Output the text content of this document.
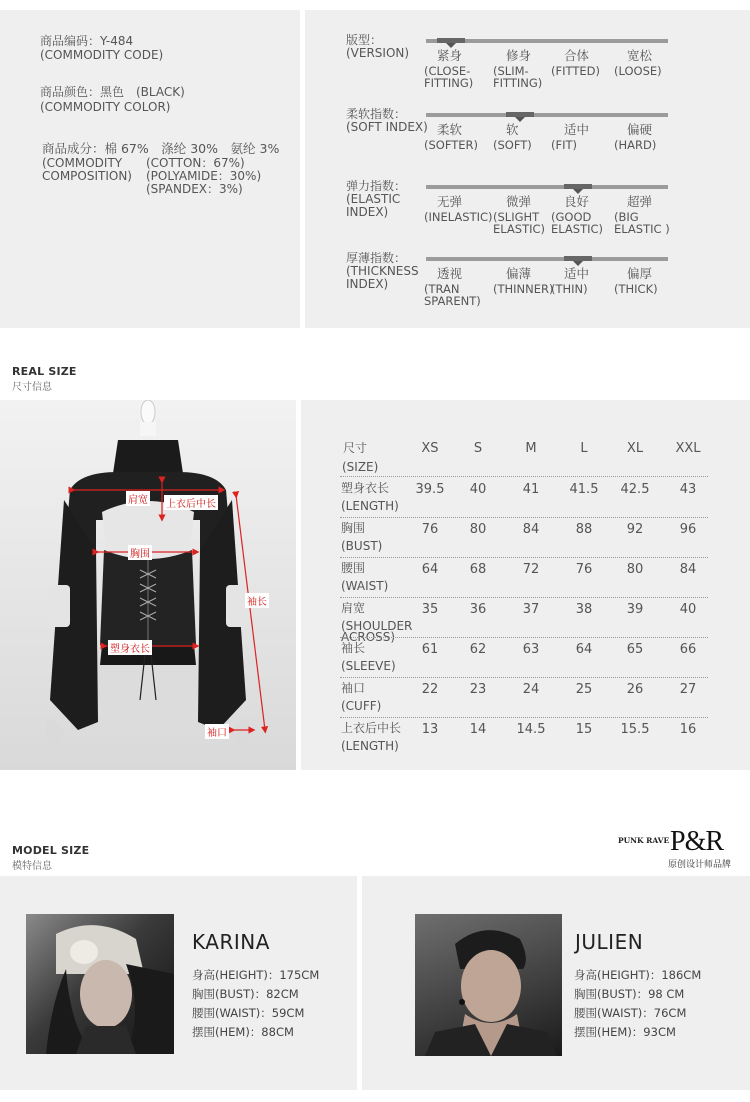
商品编码：Y-484
(COMMODITY CODE)
商品颜色：黑色　(BLACK)
(COMMODITY COLOR)
商品成分：棉 67%　涤纶 30%　氨纶 3%
(COMMODITY
COMPOSITION)
(COTTON：67%)
(POLYAMIDE：30%)
(SPANDEX：3%)
版型：
(VERSION) 紧身
(CLOSE-
FITTING)
修身
(SLIM-
FITTING)
合体
(FITTED)
宽松
(LOOSE)
柔软指数：
(SOFT INDEX) 柔软
(SOFTER)
软
(SOFT)
适中
(FIT)
偏硬
(HARD)
弹力指数：
(ELASTIC
INDEX)
无弹
(INELASTIC)
微弹
(SLIGHT
ELASTIC)
良好
(GOOD
ELASTIC)
超弹
(BIG
ELASTIC )
厚薄指数：
(THICKNESS
INDEX)
透视
(TRAN
SPARENT)
偏薄
(THINNER)
适中
(THIN)
偏厚
(THICK)
REAL SIZE
尺寸信息
肩宽 上衣后中长
胸围
袖长
塑身衣长
袖口
尺寸
(SIZE)
XS	S	M	L	XL	XXL
塑身衣长
(LENGTH)
39.5	40	41	41.5	42.5	43
胸围
(BUST)
76	80	84	88	92	96
腰围
(WAIST)
64	68	72	76	80	84
肩宽
(SHOULDER
ACROSS)
35	36	37	38	39	40
袖长
(SLEEVE)
61	62	63	64	65	66
袖口
(CUFF)
22	23	24	25	26	27
上衣后中长
(LENGTH)
13	14	14.5	15	15.5	16
MODEL SIZE
模特信息
PUNK RAVE P&R
原创设计师品牌
KARINA
身高(HEIGHT)：175CM
胸围(BUST)：82CM
腰围(WAIST)：59CM
摆围(HEM)：88CM
JULIEN
身高(HEIGHT)：186CM
胸围(BUST)：98 CM
腰围(WAIST)：76CM
摆围(HEM)：93CM
